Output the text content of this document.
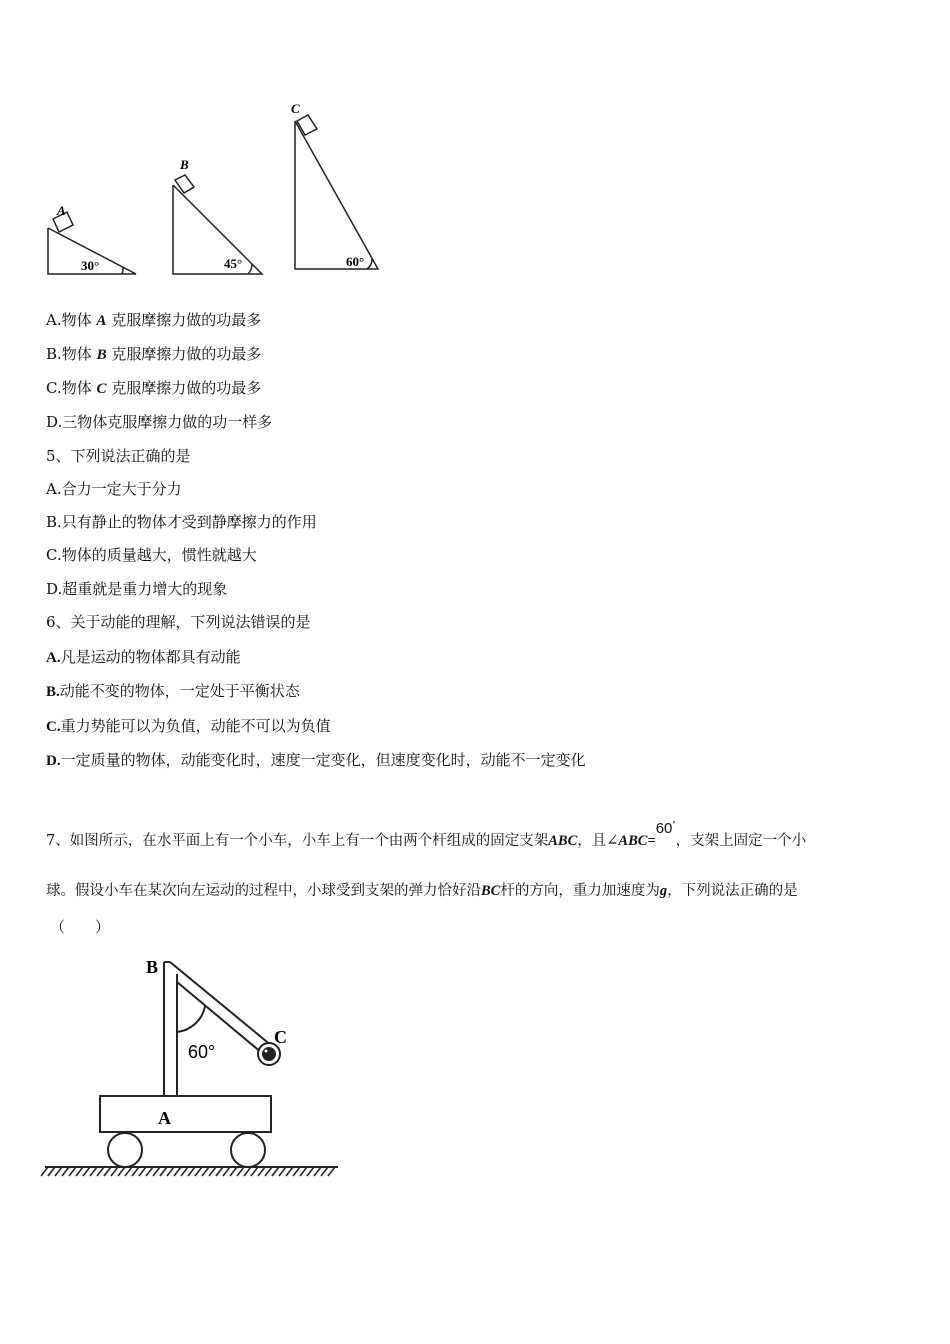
A
30°
B
45°
C
60°
A.物体 A 克服摩擦力做的功最多
B.物体 B 克服摩擦力做的功最多
C.物体 C 克服摩擦力做的功最多
D.三物体克服摩擦力做的功一样多
5、下列说法正确的是
A.合力一定大于分力
B.只有静止的物体才受到静摩擦力的作用
C.物体的质量越大，惯性就越大
D.超重就是重力增大的现象
6、关于动能的理解，下列说法错误的是
A.凡是运动的物体都具有动能
B.动能不变的物体，一定处于平衡状态
C.重力势能可以为负值，动能不可以为负值
D.一定质量的物体，动能变化时，速度一定变化，但速度变化时，动能不一定变化
7、如图所示，在水平面上有一个小车，小车上有一个由两个杆组成的固定支架ABC，且∠ABC=60°，支架上固定一个小
球。假设小车在某次向左运动的过程中，小球受到支架的弹力恰好沿BC杆的方向，重力加速度为g，下列说法正确的是
（　　）
60°
C
B
A
